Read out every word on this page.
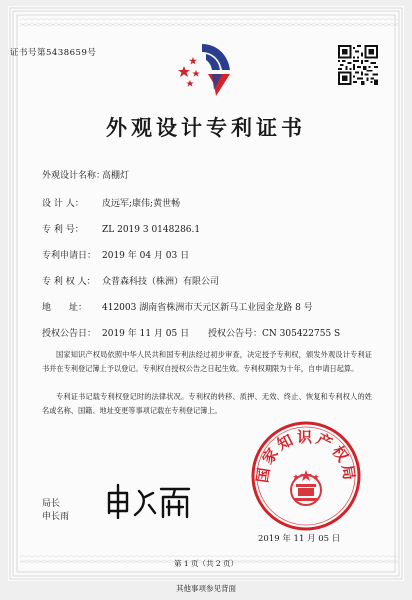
证书号第5438659号
外观设计专利证书
外观设计名称：高棚灯
设 计 人： 皮远军;康伟;黄世畅
专 利 号： ZL 2019 3 0148286.1
专利申请日： 2019 年 04 月 03 日
专 利 权 人： 众普森科技（株洲）有限公司
地　　址： 412003 湖南省株洲市天元区新马工业园金龙路 8 号
授权公告日： 2019 年 11 月 05 日 授权公告号：CN 305422755 S
国家知识产权局依照中华人民共和国专利法经过初步审查，决定授予专利权，颁发外观设计专利证书并在专利登记簿上予以登记。专利权自授权公告之日起生效。专利权期限为十年，自申请日起算。
专利证书记载专利权登记时的法律状况。专利权的转移、质押、无效、终止、恢复和专利权人的姓名或名称、国籍、地址变更等事项记载在专利登记簿上。
局长
申长雨
国家知识产权局
2019 年 11 月 05 日
第 1 页（共 2 页）
其他事项参见背面
